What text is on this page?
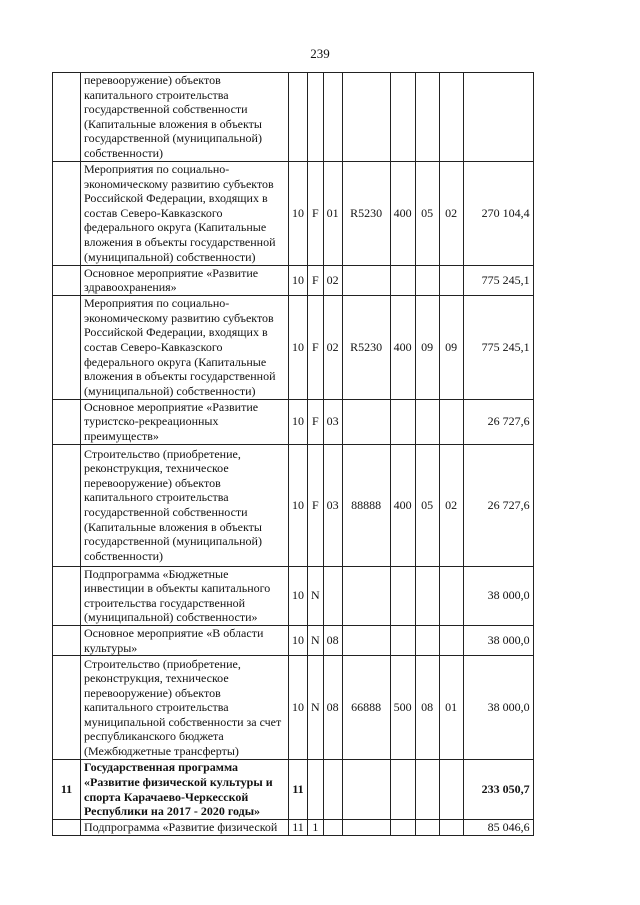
239
	перевооружение) объектов капитального строительства государственной собственности (Капитальные вложения в объекты государственной (муниципальной) собственности)								
	Мероприятия по социально-экономическому развитию субъектов Российской Федерации, входящих в состав Северо-Кавказского федерального округа (Капитальные вложения в объекты государственной (муниципальной) собственности)	10	F	01	R5230	400	05	02	270 104,4
	Основное мероприятие «Развитие здравоохранения»	10	F	02					775 245,1
	Мероприятия по социально-экономическому развитию субъектов Российской Федерации, входящих в состав Северо-Кавказского федерального округа (Капитальные вложения в объекты государственной (муниципальной) собственности)	10	F	02	R5230	400	09	09	775 245,1
	Основное мероприятие «Развитие туристско-рекреационных преимуществ»	10	F	03					26 727,6
	Строительство (приобретение, реконструкция, техническое перевооружение) объектов капитального строительства государственной собственности (Капитальные вложения в объекты государственной (муниципальной) собственности)	10	F	03	88888	400	05	02	26 727,6
	Подпрограмма «Бюджетные инвестиции в объекты капитального строительства государственной (муниципальной) собственности»	10	N						38 000,0
	Основное мероприятие «В области культуры»	10	N	08					38 000,0
	Строительство (приобретение, реконструкция, техническое перевооружение) объектов капитального строительства муниципальной собственности за счет республиканского бюджета (Межбюджетные трансферты)	10	N	08	66888	500	08	01	38 000,0
11	Государственная программа «Развитие физической культуры и спорта Карачаево-Черкесской Республики на 2017 - 2020 годы»	11							233 050,7
	Подпрограмма «Развитие физической	11	1						85 046,6
